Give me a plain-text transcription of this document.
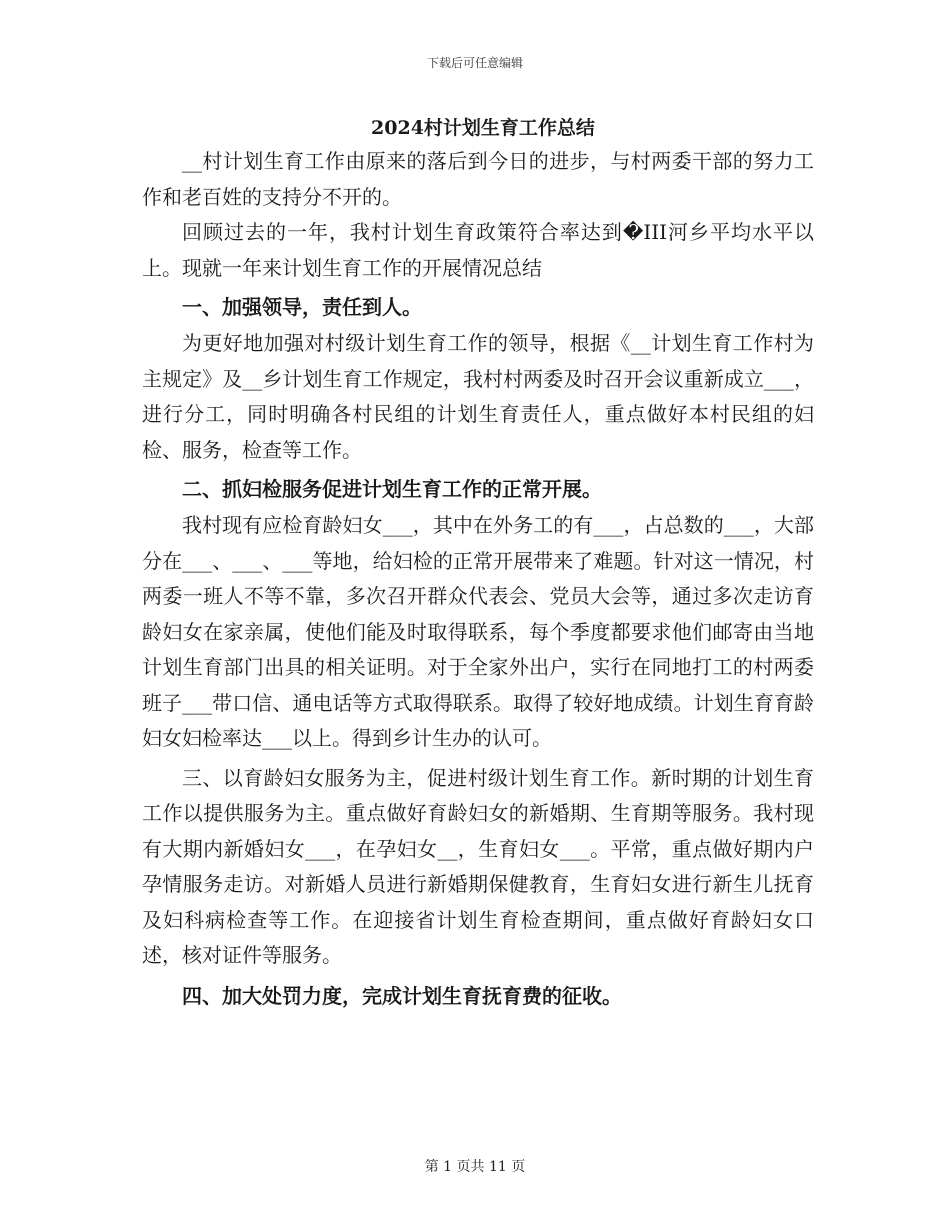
下载后可任意编辑
2024村计划生育工作总结

__村计划生育工作由原来的落后到今日的进步，与村两委干部的努力工作和老百姓的支持分不开的。

回顾过去的一年，我村计划生育政策符合率达到�III河乡平均水平以上。现就一年来计划生育工作的开展情况总结

一、加强领导，责任到人。

为更好地加强对村级计划生育工作的领导，根据《__计划生育工作村为主规定》及__乡计划生育工作规定，我村村两委及时召开会议重新成立___，进行分工，同时明确各村民组的计划生育责任人，重点做好本村民组的妇检、服务，检查等工作。

二、抓妇检服务促进计划生育工作的正常开展。

我村现有应检育龄妇女___，其中在外务工的有___，占总数的___，大部分在___、___、___等地，给妇检的正常开展带来了难题。针对这一情况，村两委一班人不等不靠，多次召开群众代表会、党员大会等，通过多次走访育龄妇女在家亲属，使他们能及时取得联系，每个季度都要求他们邮寄由当地计划生育部门出具的相关证明。对于全家外出户，实行在同地打工的村两委班子___带口信、通电话等方式取得联系。取得了较好地成绩。计划生育育龄妇女妇检率达___以上。得到乡计生办的认可。

三、以育龄妇女服务为主，促进村级计划生育工作。新时期的计划生育工作以提供服务为主。重点做好育龄妇女的新婚期、生育期等服务。我村现有大期内新婚妇女___，在孕妇女__，生育妇女___。平常，重点做好期内户孕情服务走访。对新婚人员进行新婚期保健教育，生育妇女进行新生儿抚育及妇科病检查等工作。在迎接省计划生育检查期间，重点做好育龄妇女口述，核对证件等服务。

四、加大处罚力度，完成计划生育抚育费的征收。

第 1 页共 11 页
